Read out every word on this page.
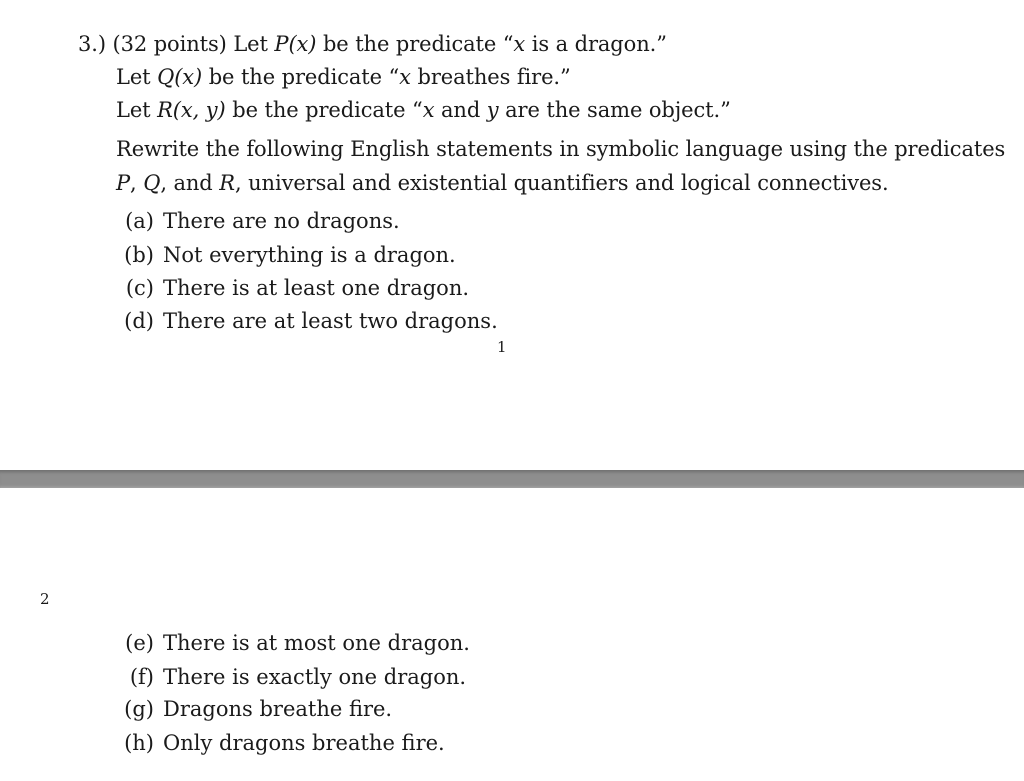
3.) (32 points) Let P(x) be the predicate “x is a dragon.”
Let Q(x) be the predicate “x breathes fire.”
Let R(x, y) be the predicate “x and y are the same object.”
Rewrite the following English statements in symbolic language using the predicates
P, Q, and R, universal and existential quantifiers and logical connectives.
(a) There are no dragons.
(b) Not everything is a dragon.
(c) There is at least one dragon.
(d) There are at least two dragons.
1
2
(e) There is at most one dragon.
(f) There is exactly one dragon.
(g) Dragons breathe fire.
(h) Only dragons breathe fire.
